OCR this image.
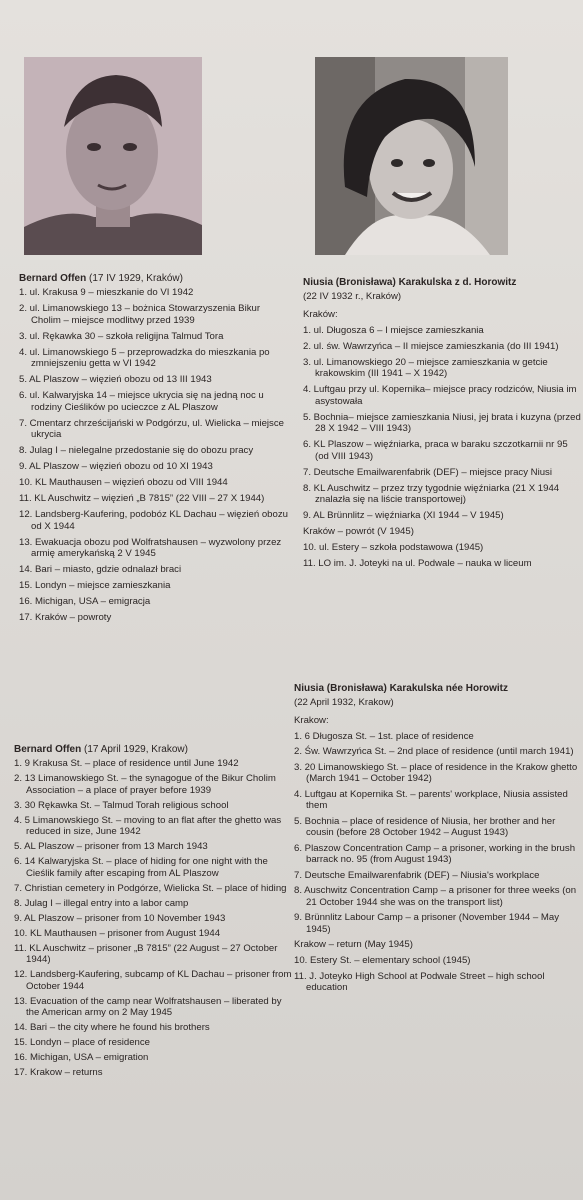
Bernard Offen (17 IV 1929, Kraków)
1. ul. Krakusa 9 – mieszkanie do VI 1942
2. ul. Limanowskiego 13 – bożnica Stowarzyszenia Bikur Cholim – miejsce modlitwy przed 1939
3. ul. Rękawka 30 – szkoła religijna Talmud Tora
4. ul. Limanowskiego 5 – przeprowadzka do mieszkania po zmniejszeniu getta w VI 1942
5. AL Plaszow – więzień obozu od 13 III 1943
6. ul. Kalwaryjska 14 – miejsce ukrycia się na jedną noc u rodziny Cieślików po ucieczce z AL Plaszow
7. Cmentarz chrześcijański w Podgórzu, ul. Wielicka – miejsce ukrycia
8. Julag I – nielegalne przedostanie się do obozu pracy
9. AL Plaszow – więzień obozu od 10 XI 1943
10. KL Mauthausen – więzień obozu od VIII 1944
11. KL Auschwitz – więzień „B 7815” (22 VIII – 27 X 1944)
12. Landsberg-Kaufering, podobóz KL Dachau – więzień obozu od X 1944
13. Ewakuacja obozu pod Wolfratshausen – wyzwolony przez armię amerykańską 2 V 1945
14. Bari – miasto, gdzie odnalazł braci
15. Londyn – miejsce zamieszkania
16. Michigan, USA – emigracja
17. Kraków – powroty
Bernard Offen (17 April 1929, Krakow)
1. 9 Krakusa St. – place of residence until June 1942
2. 13 Limanowskiego St. – the synagogue of the Bikur Cholim Association – a place of prayer before 1939
3. 30 Rękawka St. – Talmud Torah religious school
4. 5 Limanowskiego St. – moving to an flat after the ghetto was reduced in size, June 1942
5. AL Plaszow – prisoner from 13 March 1943
6. 14 Kalwaryjska St. – place of hiding for one night with the Cieślik family after escaping from AL Plaszow
7. Christian cemetery in Podgórze, Wielicka St. – place of hiding
8. Julag I – illegal entry into a labor camp
9. AL Plaszow – prisoner from 10 November 1943
10. KL Mauthausen – prisoner from August 1944
11. KL Auschwitz – prisoner „B 7815” (22 August – 27 October 1944)
12. Landsberg-Kaufering, subcamp of KL Dachau – prisoner from October 1944
13. Evacuation of the camp near Wolfratshausen – liberated by the American army on 2 May 1945
14. Bari – the city where he found his brothers
15. Londyn – place of residence
16. Michigan, USA – emigration
17. Krakow – returns
Niusia (Bronisława) Karakulska z d. Horowitz
(22 IV 1932 r., Kraków)
Kraków:
1. ul. Długosza 6 – I miejsce zamieszkania
2. ul. św. Wawrzyńca – II miejsce zamieszkania (do III 1941)
3. ul. Limanowskiego 20 – miejsce zamieszkania w getcie krakowskim (III 1941 – X 1942)
4. Luftgau przy ul. Kopernika– miejsce pracy rodziców, Niusia im asystowała
5. Bochnia– miejsce zamieszkania Niusi, jej brata i kuzyna (przed 28 X 1942 – VIII 1943)
6. KL Plaszow – więźniarka, praca w baraku szczotkarnii nr 95 (od VIII 1943)
7. Deutsche Emailwarenfabrik (DEF) – miejsce pracy Niusi
8. KL Auschwitz – przez trzy tygodnie więźniarka (21 X 1944 znalazła się na liście transportowej)
9. AL Brünnlitz – więźniarka (XI 1944 – V 1945)
Kraków – powrót (V 1945)
10. ul. Estery – szkoła podstawowa (1945)
11. LO im. J. Joteyki na ul. Podwale – nauka w liceum
Niusia (Bronisława) Karakulska née Horowitz
(22 April 1932, Krakow)
Krakow:
1. 6 Długosza St. – 1st. place of residence
2. Św. Wawrzyńca St. – 2nd place of residence (until march 1941)
3. 20 Limanowskiego St. – place of residence in the Krakow ghetto (March 1941 – October 1942)
4. Luftgau at Kopernika St. – parents' workplace, Niusia assisted them
5. Bochnia – place of residence of Niusia, her brother and her cousin (before 28 October 1942 – August 1943)
6. Plaszow Concentration Camp – a prisoner, working in the brush barrack no. 95 (from August 1943)
7. Deutsche Emailwarenfabrik (DEF) – Niusia's workplace
8. Auschwitz Concentration Camp – a prisoner for three weeks (on 21 October 1944 she was on the transport list)
9. Brünnlitz Labour Camp – a prisoner (November 1944 – May 1945)
Krakow – return (May 1945)
10. Estery St. – elementary school (1945)
11. J. Joteyko High School at Podwale Street – high school education
